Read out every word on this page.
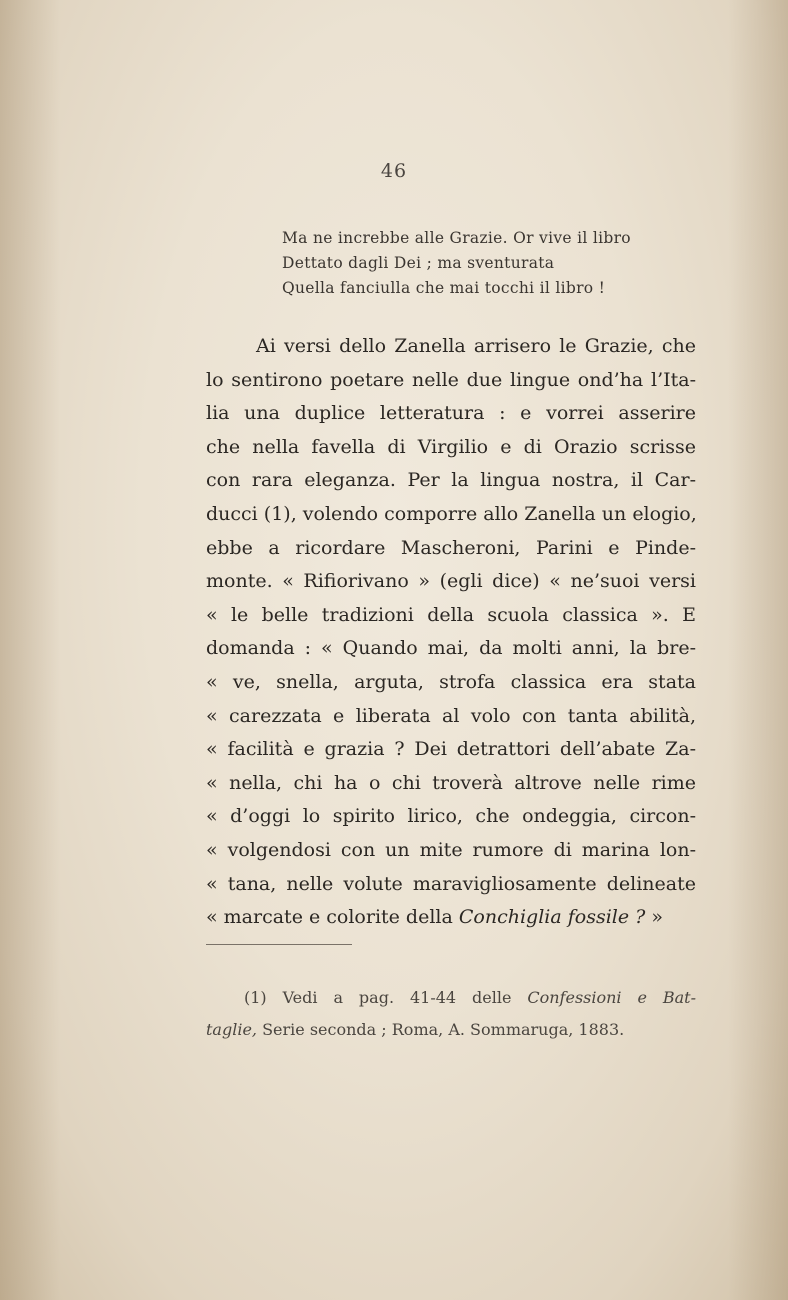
46
Ma ne increbbe alle Grazie. Or vive il libro
Dettato dagli Dei ; ma sventurata
Quella fanciulla che mai tocchi il libro !
Ai versi dello Zanella arrisero le Grazie, che
lo sentirono poetare nelle due lingue ond’ha l’Ita-
lia una duplice letteratura : e vorrei asserire
che nella favella di Virgilio e di Orazio scrisse
con rara eleganza. Per la lingua nostra, il Car-
ducci (1), volendo comporre allo Zanella un elogio,
ebbe a ricordare Mascheroni, Parini e Pinde-
monte. « Rifiorivano » (egli dice) « ne’suoi versi
« le belle tradizioni della scuola classica ». E
domanda : « Quando mai, da molti anni, la bre-
« ve, snella, arguta, strofa classica era stata
« carezzata e liberata al volo con tanta abilità,
« facilità e grazia ? Dei detrattori dell’abate Za-
« nella, chi ha o chi troverà altrove nelle rime
« d’oggi lo spirito lirico, che ondeggia, circon-
« volgendosi con un mite rumore di marina lon-
« tana, nelle volute maravigliosamente delineate
« marcate e colorite della Conchiglia fossile ? »
(1) Vedi a pag. 41-44 delle Confessioni e Bat-
taglie, Serie seconda ; Roma, A. Sommaruga, 1883.
